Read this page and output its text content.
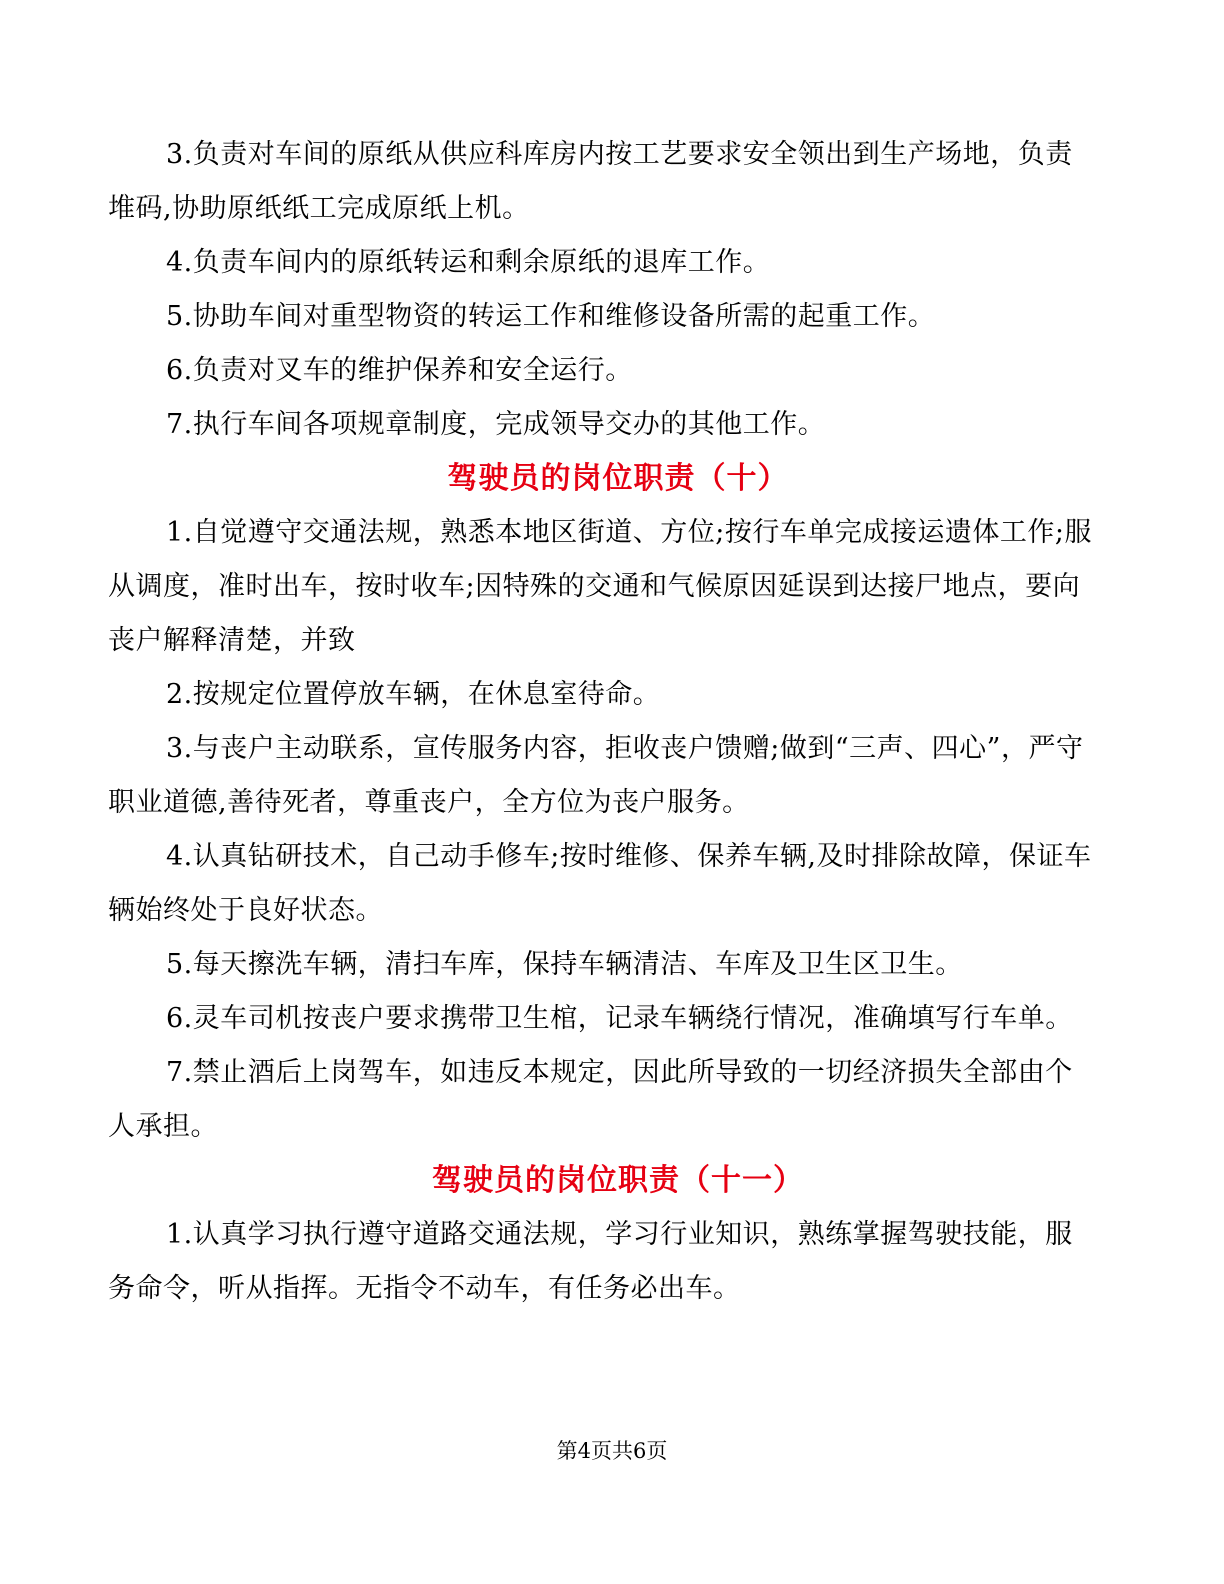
3.负责对车间的原纸从供应科库房内按工艺要求安全领出到生产场地，负责堆码,协助原纸纸工完成原纸上机。

4.负责车间内的原纸转运和剩余原纸的退库工作。

5.协助车间对重型物资的转运工作和维修设备所需的起重工作。

6.负责对叉车的维护保养和安全运行。

7.执行车间各项规章制度，完成领导交办的其他工作。

驾驶员的岗位职责（十）

1.自觉遵守交通法规，熟悉本地区街道、方位;按行车单完成接运遗体工作;服从调度，准时出车，按时收车;因特殊的交通和气候原因延误到达接尸地点，要向丧户解释清楚，并致

2.按规定位置停放车辆，在休息室待命。

3.与丧户主动联系，宣传服务内容，拒收丧户馈赠;做到“三声、四心”，严守职业道德,善待死者，尊重丧户，全方位为丧户服务。

4.认真钻研技术，自己动手修车;按时维修、保养车辆,及时排除故障，保证车辆始终处于良好状态。

5.每天擦洗车辆，清扫车库，保持车辆清洁、车库及卫生区卫生。

6.灵车司机按丧户要求携带卫生棺，记录车辆绕行情况，准确填写行车单。

7.禁止酒后上岗驾车，如违反本规定，因此所导致的一切经济损失全部由个人承担。

驾驶员的岗位职责（十一）

1.认真学习执行遵守道路交通法规，学习行业知识，熟练掌握驾驶技能，服务命令，听从指挥。无指令不动车，有任务必出车。

第4页共6页
